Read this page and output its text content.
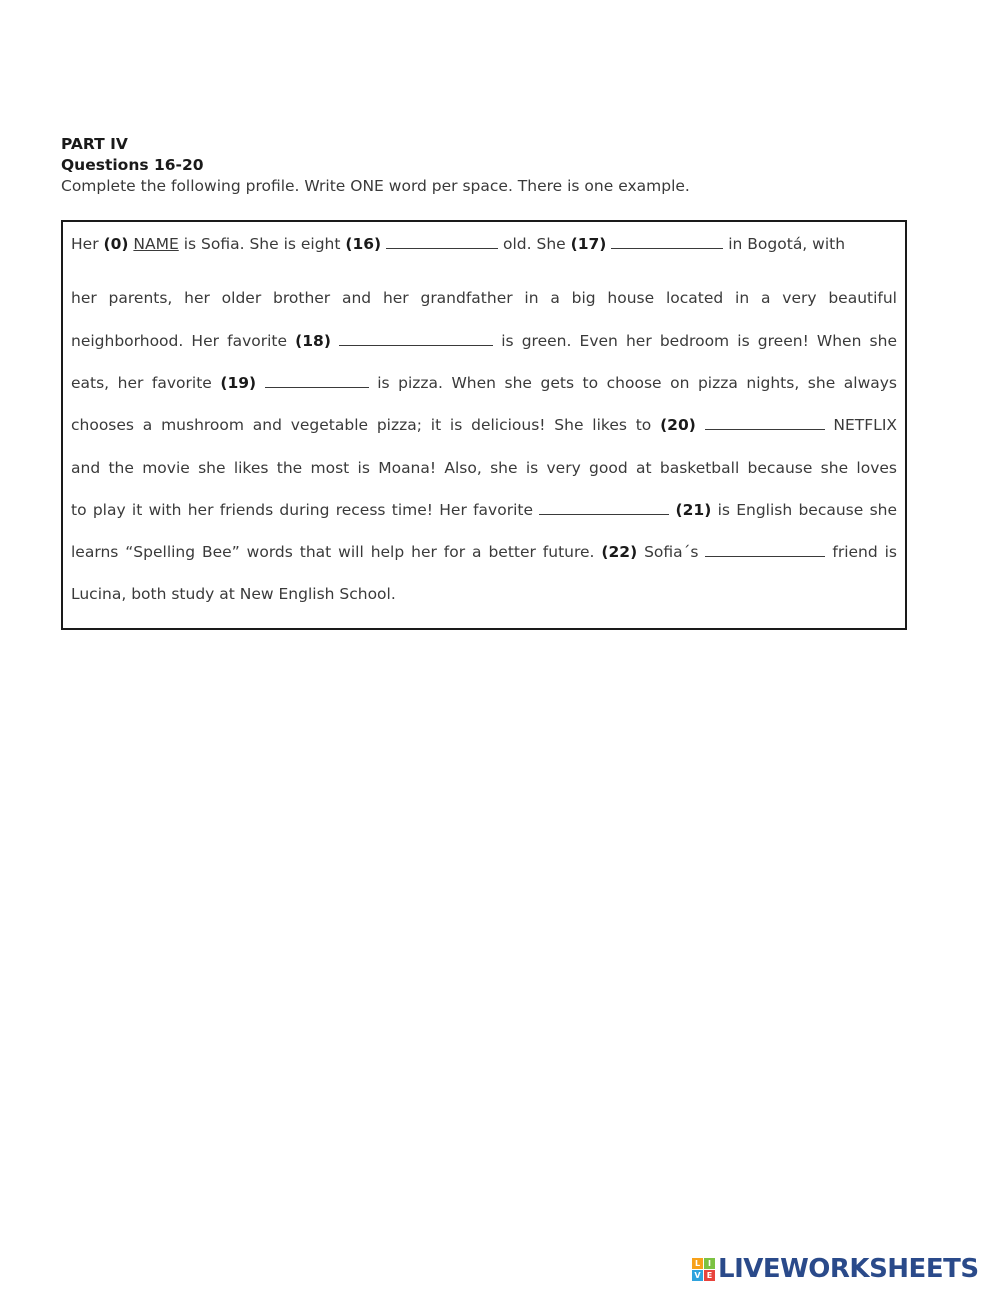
PART IV
Questions 16-20
Complete the following profile. Write ONE word per space. There is one example.
Her (0) NAME is Sofia. She is eight (16)	old. She (17)	in Bogotá, with
her parents, her older brother and her grandfather in a big house located in a very beautiful
neighborhood. Her favorite (18)	is green. Even her bedroom is green! When she
eats, her favorite (19)	is pizza. When she gets to choose on pizza nights, she always
chooses a mushroom and vegetable pizza; it is delicious! She likes to (20)	NETFLIX
and the movie she likes the most is Moana! Also, she is very good at basketball because she loves
to play it with her friends during recess time! Her favorite	(21) is English because she
learns “Spelling Bee” words that will help her for a better future. (22) Sofia´s	friend is
Lucina, both study at New English School.
L I
V E LIVEWORKSHEETS
